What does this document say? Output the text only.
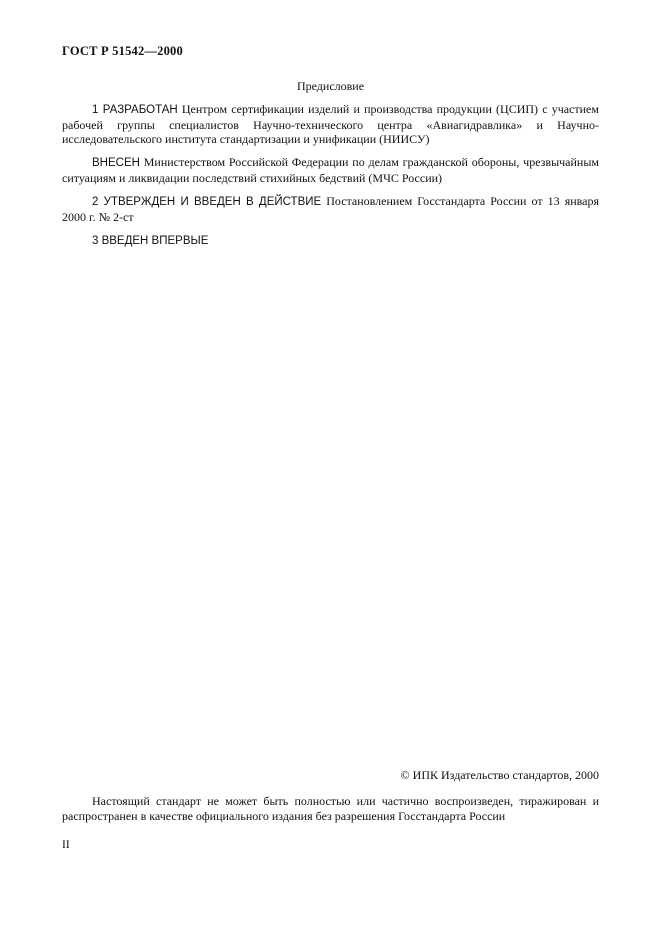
ГОСТ Р 51542—2000
Предисловие

1 РАЗРАБОТАН Центром сертификации изделий и производства продукции (ЦСИП) с участием рабочей группы специалистов Научно-технического центра «Авиагидравлика» и Научно-исследовательского института стандартизации и унификации (НИИСУ)

ВНЕСЕН Министерством Российской Федерации по делам гражданской обороны, чрезвычайным ситуациям и ликвидации последствий стихийных бедствий (МЧС России)

2 УТВЕРЖДЕН И ВВЕДЕН В ДЕЙСТВИЕ Постановлением Госстандарта России от 13 января 2000 г. № 2-ст

3 ВВЕДЕН ВПЕРВЫЕ

© ИПК Издательство стандартов, 2000

Настоящий стандарт не может быть полностью или частично воспроизведен, тиражирован и распространен в качестве официального издания без разрешения Госстандарта России

II
